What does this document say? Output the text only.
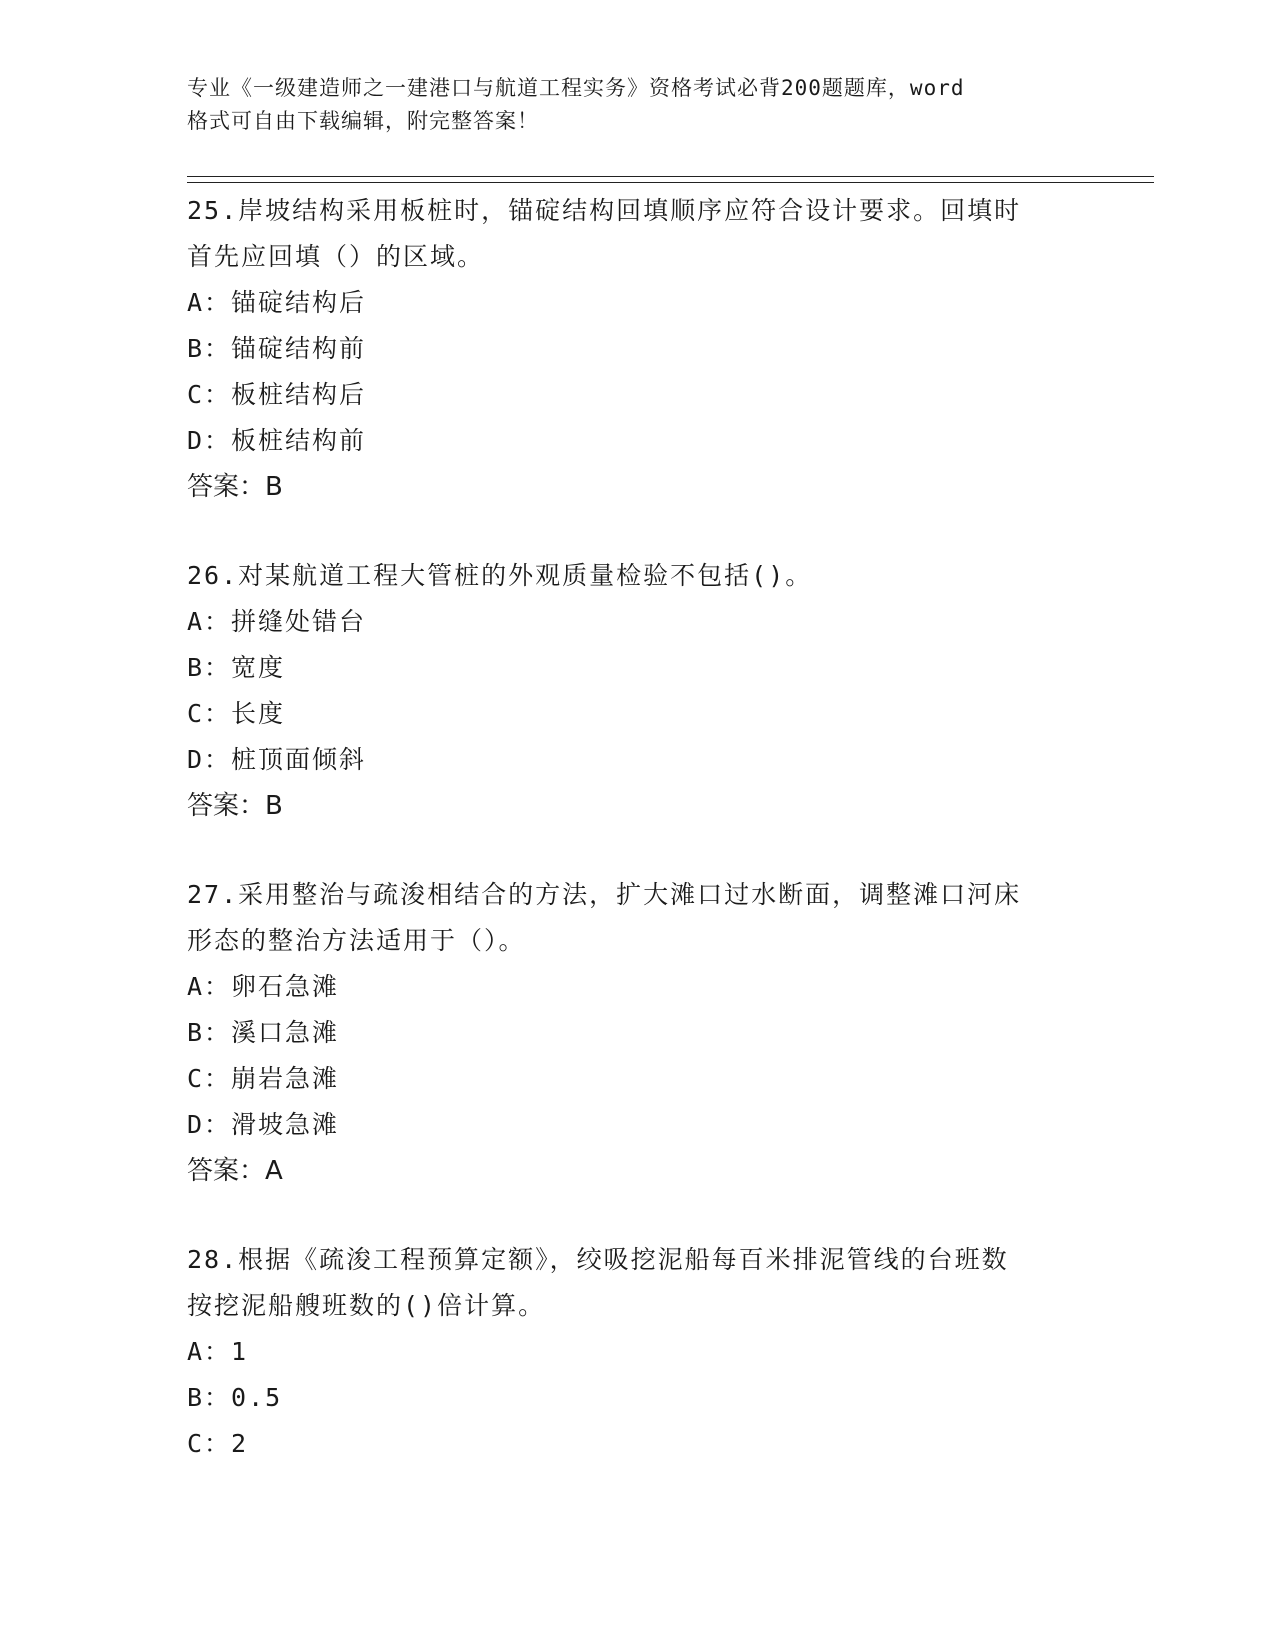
专业《一级建造师之一建港口与航道工程实务》资格考试必背200题题库，word
格式可自由下载编辑，附完整答案！
25.岸坡结构采用板桩时，锚碇结构回填顺序应符合设计要求。回填时
首先应回填（）的区域。
A：锚碇结构后
B：锚碇结构前
C：板桩结构后
D：板桩结构前
答案：B
26.对某航道工程大管桩的外观质量检验不包括()。
A：拼缝处错台
B：宽度
C：长度
D：桩顶面倾斜
答案：B
27.采用整治与疏浚相结合的方法，扩大滩口过水断面，调整滩口河床
形态的整治方法适用于（）。
A：卵石急滩
B：溪口急滩
C：崩岩急滩
D：滑坡急滩
答案：A
28.根据《疏浚工程预算定额》，绞吸挖泥船每百米排泥管线的台班数
按挖泥船艘班数的()倍计算。
A：1
B：0.5
C：2
